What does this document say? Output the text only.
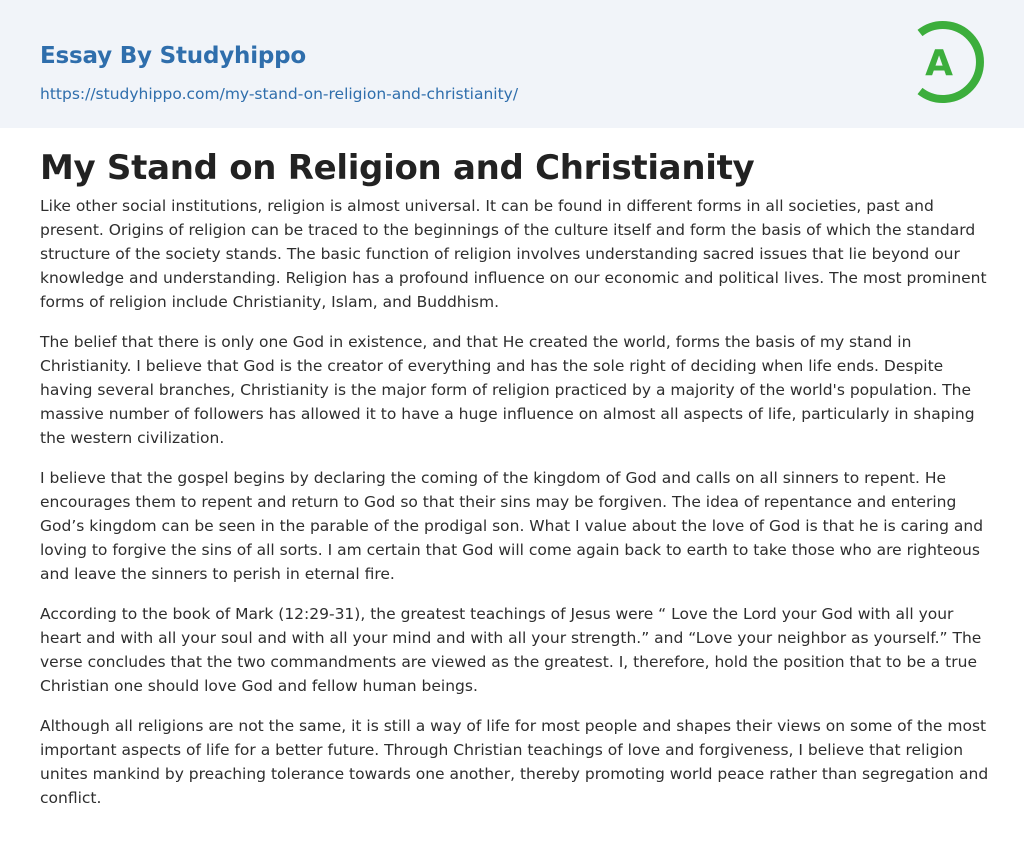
Essay By Studyhippo
https://studyhippo.com/my-stand-on-religion-and-christianity/
A
My Stand on Religion and Christianity

Like other social institutions, religion is almost universal. It can be found in different forms in all societies, past and present. Origins of religion can be traced to the beginnings of the culture itself and form the basis of which the standard structure of the society stands. The basic function of religion involves understanding sacred issues that lie beyond our knowledge and understanding. Religion has a profound influence on our economic and political lives. The most prominent forms of religion include Christianity, Islam, and Buddhism.

The belief that there is only one God in existence, and that He created the world, forms the basis of my stand in Christianity. I believe that God is the creator of everything and has the sole right of deciding when life ends. Despite having several branches, Christianity is the major form of religion practiced by a majority of the world's population. The massive number of followers has allowed it to have a huge influence on almost all aspects of life, particularly in shaping the western civilization.

I believe that the gospel begins by declaring the coming of the kingdom of God and calls on all sinners to repent. He encourages them to repent and return to God so that their sins may be forgiven. The idea of repentance and entering God’s kingdom can be seen in the parable of the prodigal son. What I value about the love of God is that he is caring and loving to forgive the sins of all sorts. I am certain that God will come again back to earth to take those who are righteous and leave the sinners to perish in eternal fire.

According to the book of Mark (12:29-31), the greatest teachings of Jesus were “ Love the Lord your God with all your heart and with all your soul and with all your mind and with all your strength.” and “Love your neighbor as yourself.” The verse concludes that the two commandments are viewed as the greatest. I, therefore, hold the position that to be a true Christian one should love God and fellow human beings.

Although all religions are not the same, it is still a way of life for most people and shapes their views on some of the most important aspects of life for a better future. Through Christian teachings of love and forgiveness, I believe that religion unites mankind by preaching tolerance towards one another, thereby promoting world peace rather than segregation and conflict.
